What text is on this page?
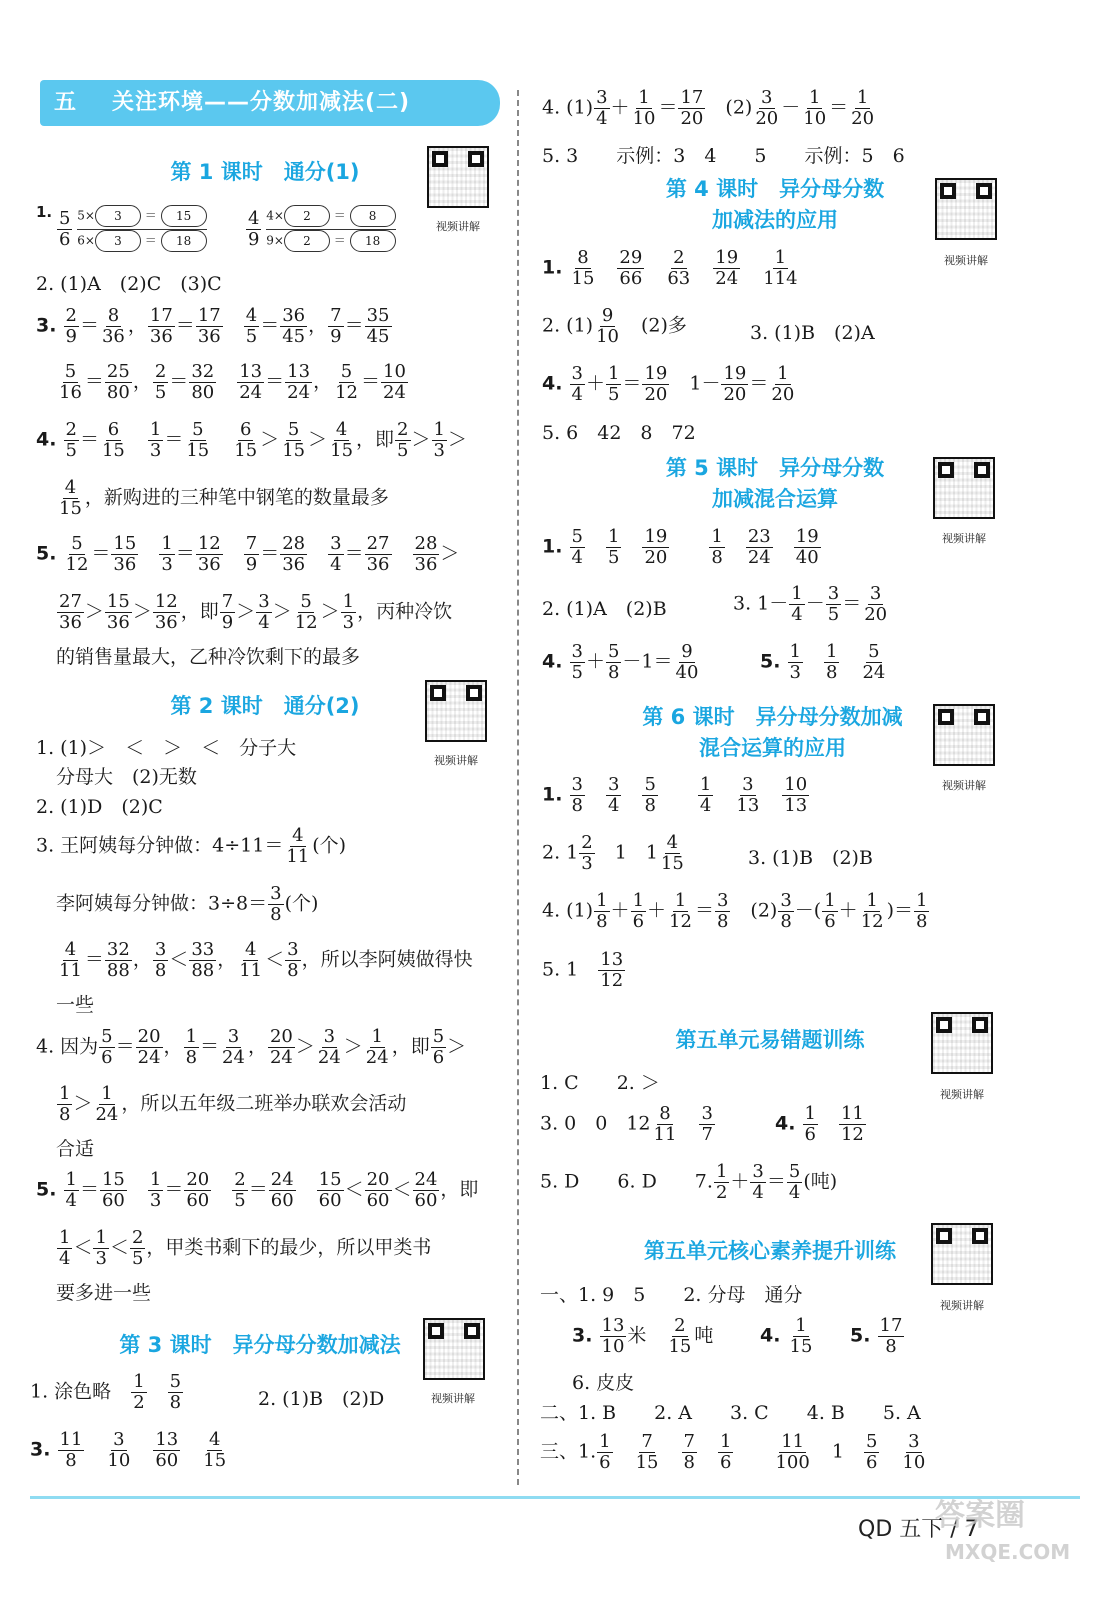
五 关注环境——分数加减法(二)
第 1 课时　通分(1)
视频讲解
1. $\frac{5}{6}$
$\frac{5\times 3 = 15}{6\times 3 = 18} \frac{4}{9}$
$\frac{4\times 2 = 8}{9\times 2 = 18}$
2. (1)A　(2)C　(3)C
3. $\frac{2}{9} = \frac{8}{36}$ ， $\frac{17}{36} = \frac{17}{36}$
　 $\frac{4}{5} = \frac{36}{45}$ ， $\frac{7}{9} = \frac{35}{45}$
$\frac{5}{16} = \frac{25}{80}$ ， $\frac{2}{5} = \frac{32}{80}$
　 $\frac{13}{24} = \frac{13}{24}$ ， $\frac{5}{12} = \frac{10}{24}$
4. $\frac{2}{5} = \frac{6}{15}$
　 $\frac{1}{3} = \frac{5}{15}$
　 $\frac{6}{15} > \frac{5}{15} > \frac{4}{15}$ ，即 $\frac{2}{5} > \frac{1}{3}$ ＞
$\frac{4}{15}$ ，新购进的三种笔中钢笔的数量最多
5. $\frac{5}{12} = \frac{15}{36}$
　 $\frac{1}{3} = \frac{12}{36}$
　 $\frac{7}{9} = \frac{28}{36}$
　 $\frac{3}{4} = \frac{27}{36}$
　 $\frac{28}{36}$ ＞
$\frac{27}{36} > \frac{15}{36} > \frac{12}{36}$ ，即 $\frac{7}{9} > \frac{3}{4} > \frac{5}{12} > \frac{1}{3}$ ，丙种冷饮
的销售量最大，乙种冷饮剩下的最多
第 2 课时　通分(2)
视频讲解
1. (1)＞　＜　＞　＜　分子大
分母大　(2)无数
2. (1)D　(2)C
3. 王阿姨每分钟做：$4\div 11= \frac{4}{11}$ (个)
李阿姨每分钟做：$3\div 8= \frac{3}{8}$ (个)
$\frac{4}{11} = \frac{32}{88}$ ， $\frac{3}{8} < \frac{33}{88}$ ， $\frac{4}{11} < \frac{3}{8}$ ，所以李阿姨做得快
一些
4. 因为 $\frac{5}{6} = \frac{20}{24}$ ， $\frac{1}{8} = \frac{3}{24}$ ， $\frac{20}{24} > \frac{3}{24} > \frac{1}{24}$ ，即 $\frac{5}{6}$ ＞
$\frac{1}{8} > \frac{1}{24}$ ，所以五年级二班举办联欢会活动
合适
5. $\frac{1}{4} = \frac{15}{60}$
　 $\frac{1}{3} = \frac{20}{60}$
　 $\frac{2}{5} = \frac{24}{60}$
　 $\frac{15}{60} < \frac{20}{60} < \frac{24}{60}$ ，即
$\frac{1}{4} < \frac{1}{3} < \frac{2}{5}$ ，甲类书剩下的最少，所以甲类书
要多进一些
第 3 课时　异分母分数加减法
视频讲解
1. 涂色略　 $\frac{1}{2}$
　 $\frac{5}{8}$	2. (1)B　(2)D
3. $\frac{11}{8}$
　 $\frac{3}{10}$
　 $\frac{13}{60}$
　 $\frac{4}{15}$
4. $(1) \frac{3}{4} + \frac{1}{10} = \frac{17}{20}$
　 $(2) \frac{3}{20} - \frac{1}{10} = \frac{1}{20}$
5. 3　　示例：3　4　　5　　示例：5　6
第 4 课时　异分母分数
加减法的应用
视频讲解
1. $\frac{8}{15}$
　 $\frac{29}{66}$
　 $\frac{2}{63}$
　 $\frac{19}{24}$
　 $\frac{1}{114}$
2. $(1) \frac{9}{10}$
　 (2)多	3. (1)B　(2)A
4. $\frac{3}{4} + \frac{1}{5} = \frac{19}{20}$
　 $1- \frac{19}{20} = \frac{1}{20}$
5. 6　42　8　72
第 5 课时　异分母分数
加减混合运算
视频讲解
1. $\frac{5}{4}$
　 $\frac{1}{5}$
　 $\frac{19}{20}$
　　 $\frac{1}{8}$
　 $\frac{23}{24}$
　 $\frac{19}{40}$
2. (1)A　(2)B	3. $1- \frac{1}{4} - \frac{3}{5} = \frac{3}{20}$
4. $\frac{3}{5} + \frac{5}{8} -1= \frac{9}{40}$	5. $\frac{1}{3}$
　 $\frac{1}{8}$
　 $\frac{5}{24}$
第 6 课时　异分母分数加减
混合运算的应用
视频讲解
1. $\frac{3}{8}$
　 $\frac{3}{4}$
　 $\frac{5}{8}$
　　 $\frac{1}{4}$
　 $\frac{3}{13}$
　 $\frac{10}{13}$
2. $1 \frac{2}{3}$
　 1　$1 \frac{4}{15}$	3. (1)B　(2)B
4. $(1) \frac{1}{8} + \frac{1}{6} + \frac{1}{12} = \frac{3}{8}$
　 $(2) \frac{3}{8}$ －( $\frac{1}{6} + \frac{1}{12}$ )＝ $\frac{1}{8}$
5. 1　 $\frac{13}{12}$
第五单元易错题训练
视频讲解
1. C　　2. ＞
3. 0　0　$12 \frac{8}{11}$
　 $\frac{3}{7}$	4. $\frac{1}{6}$
　 $\frac{11}{12}$
5. D　　6. D　　7. $\frac{1}{2} + \frac{3}{4} = \frac{5}{4}$ (吨)
第五单元核心素养提升训练
视频讲解
一、1. 9　5　　2. 分母　通分
3. $\frac{13}{10}$ 米　 $\frac{2}{15}$ 吨 4. $\frac{1}{15} 5$. $\frac{17}{8}$
6. 皮皮
二、1. B　　2. A　　3. C　　4. B　　5. A
三、1. $\frac{1}{6}$
　 $\frac{7}{15}$
　 $\frac{7}{8}$
　 $\frac{1}{6}$
　　 $\frac{11}{100}$
　 1　 $\frac{5}{6}$
　 $\frac{3}{10}$
QD 五下 / 7
答案圈
MXQE.COM
